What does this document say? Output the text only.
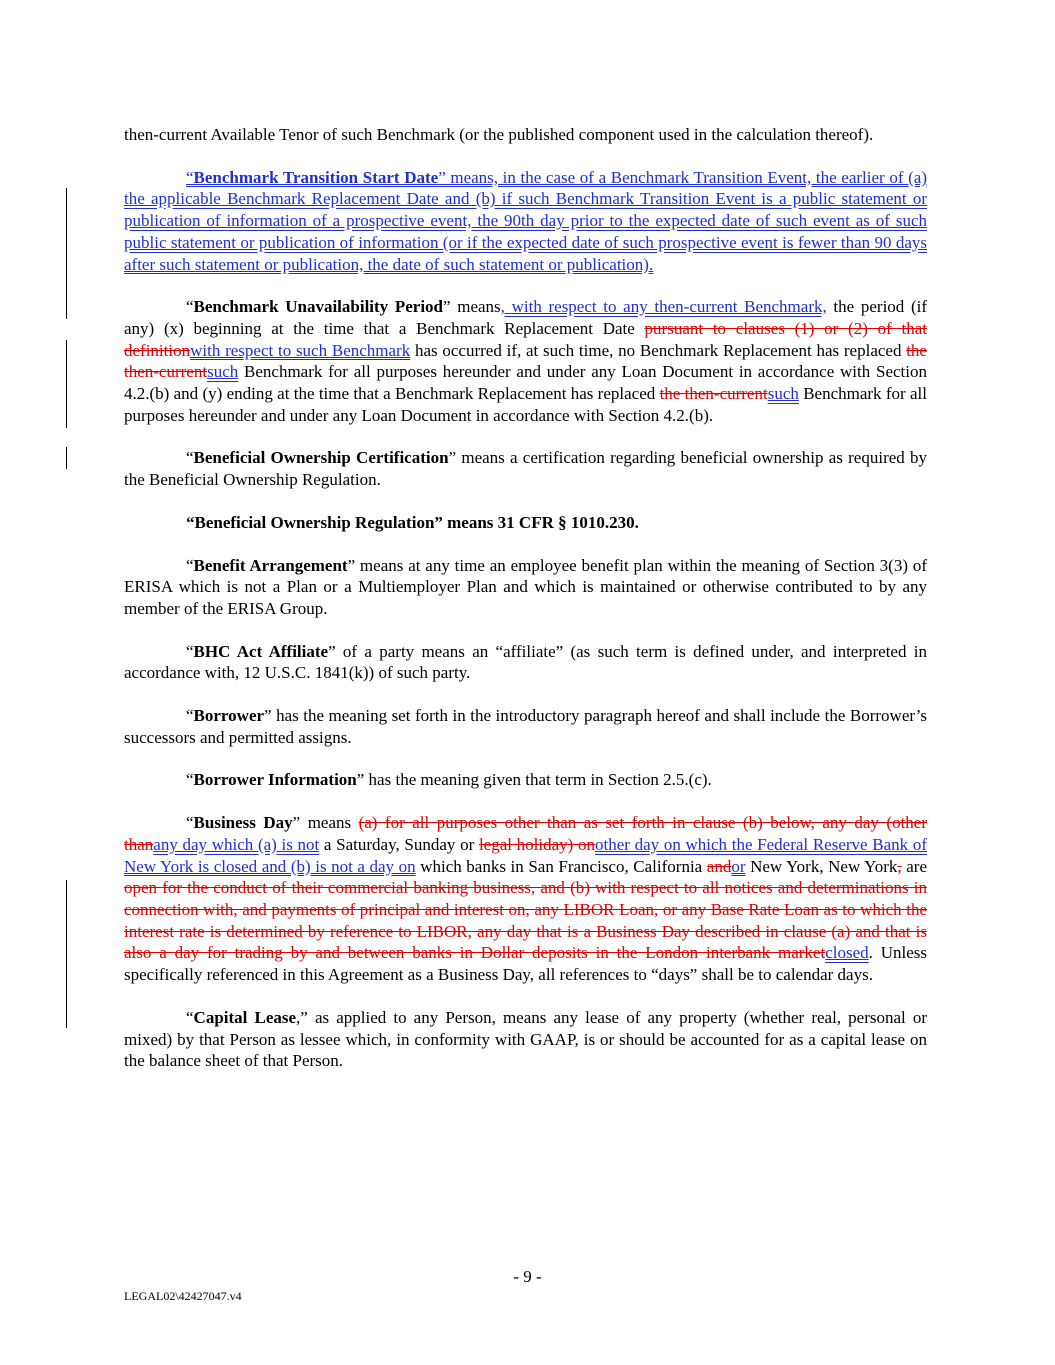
then-current Available Tenor of such Benchmark (or the published component used in the calculation thereof).

“Benchmark Transition Start Date” means, in the case of a Benchmark Transition Event, the earlier of (a) the applicable Benchmark Replacement Date and (b) if such Benchmark Transition Event is a public statement or publication of information of a prospective event, the 90th day prior to the expected date of such event as of such public statement or publication of information (or if the expected date of such prospective event is fewer than 90 days after such statement or publication, the date of such statement or publication).

“Benchmark Unavailability Period” means, with respect to any then-current Benchmark, the period (if any) (x) beginning at the time that a Benchmark Replacement Date pursuant to clauses (1) or (2) of that definitionwith respect to such Benchmark has occurred if, at such time, no Benchmark Replacement has replaced the then-currentsuch Benchmark for all purposes hereunder and under any Loan Document in accordance with Section 4.2.(b) and (y) ending at the time that a Benchmark Replacement has replaced the then-currentsuch Benchmark for all purposes hereunder and under any Loan Document in accordance with Section 4.2.(b).

“Beneficial Ownership Certification” means a certification regarding beneficial ownership as required by the Beneficial Ownership Regulation.

“Beneficial Ownership Regulation” means 31 CFR § 1010.230.

“Benefit Arrangement” means at any time an employee benefit plan within the meaning of Section 3(3) of ERISA which is not a Plan or a Multiemployer Plan and which is maintained or otherwise contributed to by any member of the ERISA Group.

“BHC Act Affiliate” of a party means an “affiliate” (as such term is defined under, and interpreted in accordance with, 12 U.S.C. 1841(k)) of such party.

“Borrower” has the meaning set forth in the introductory paragraph hereof and shall include the Borrower’s successors and permitted assigns.

“Borrower Information” has the meaning given that term in Section 2.5.(c).

“Business Day” means (a) for all purposes other than as set forth in clause (b) below, any day (other thanany day which (a) is not a Saturday, Sunday or legal holiday) onother day on which the Federal Reserve Bank of New York is closed and (b) is not a day on which banks in San Francisco, California andor New York, New York, are open for the conduct of their commercial banking business, and (b) with respect to all notices and determinations in connection with, and payments of principal and interest on, any LIBOR Loan, or any Base Rate Loan as to which the interest rate is determined by reference to LIBOR, any day that is a Business Day described in clause (a) and that is also a day for trading by and between banks in Dollar deposits in the London interbank marketclosed. Unless specifically referenced in this Agreement as a Business Day, all references to “days” shall be to calendar days.

“Capital Lease,” as applied to any Person, means any lease of any property (whether real, personal or mixed) by that Person as lessee which, in conformity with GAAP, is or should be accounted for as a capital lease on the balance sheet of that Person.

- 9 -
LEGAL02\42427047.v4
